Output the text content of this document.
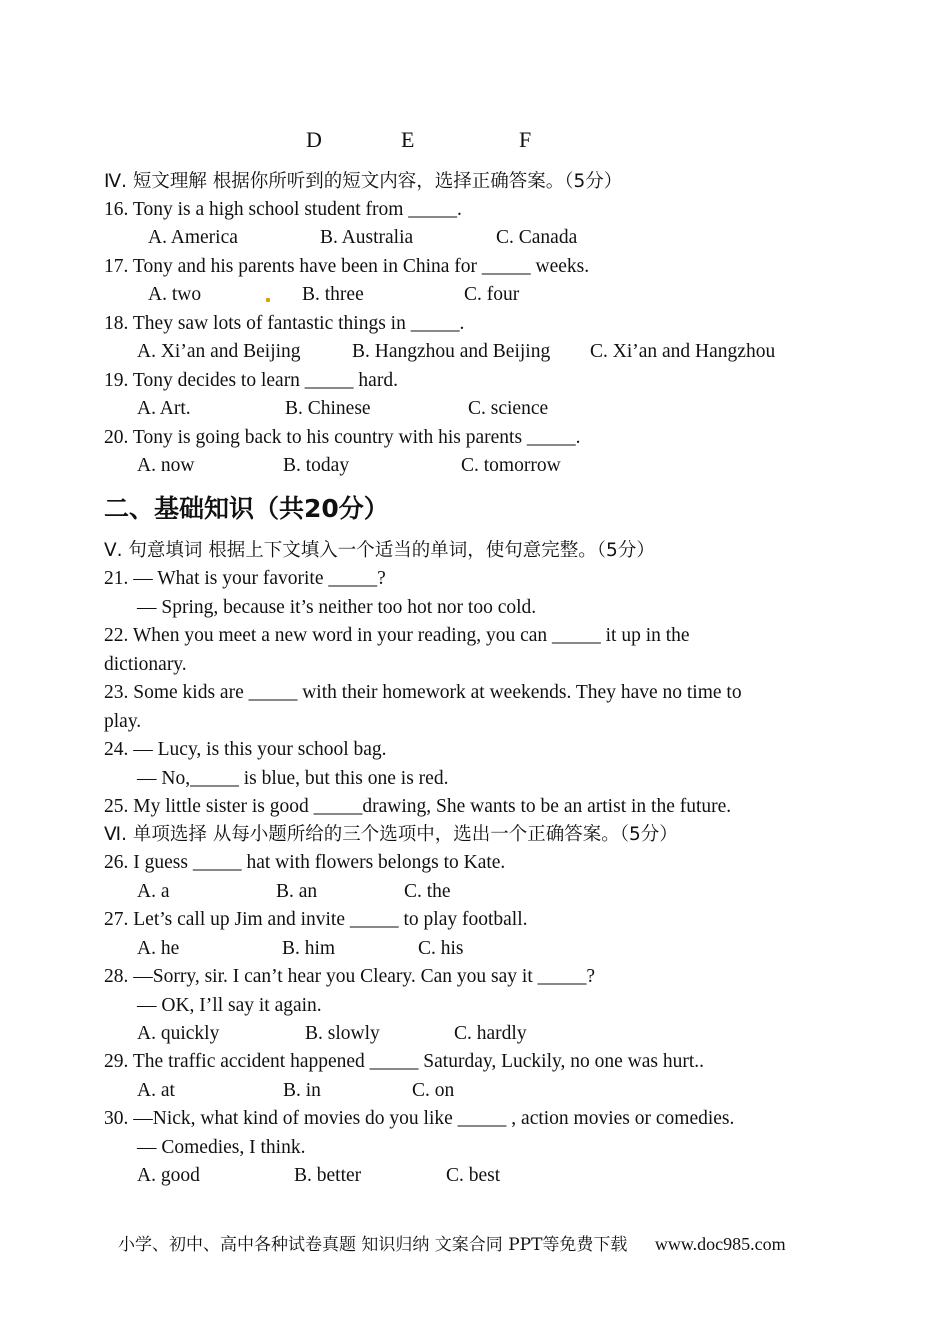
D	E	F
Ⅳ. 短文理解 根据你所听到的短文内容，选择正确答案。（5分）
16. Tony is a high school student from _____.
A. America	B. Australia	C. Canada
17. Tony and his parents have been in China for _____ weeks.
A. two	B. three	C. four
18. They saw lots of fantastic things in _____.
A. Xi’an and Beijing	B. Hangzhou and Beijing C. Xi’an and Hangzhou
19. Tony decides to learn _____ hard.
A. Art.	B. Chinese	C. science
20. Tony is going back to his country with his parents _____.
A. now	B. today	C. tomorrow
二、基础知识（共20分）
Ⅴ. 句意填词 根据上下文填入一个适当的单词，使句意完整。（5分）
21. — What is your favorite _____?
— Spring, because it’s neither too hot nor too cold.
22. When you meet a new word in your reading, you can _____ it up in the
dictionary.
23. Some kids are _____ with their homework at weekends. They have no time to
play.
24. — Lucy, is this your school bag.
— No,_____ is blue, but this one is red.
25. My little sister is good _____drawing, She wants to be an artist in the future.
Ⅵ. 单项选择 从每小题所给的三个选项中，选出一个正确答案。（5分）
26. I guess _____ hat with flowers belongs to Kate.
A. a	B. an	C. the
27. Let’s call up Jim and invite _____ to play football.
A. he	B. him	C. his
28. —Sorry, sir. I can’t hear you Cleary. Can you say it _____?
— OK, I’ll say it again.
A. quickly	B. slowly	C. hardly
29. The traffic accident happened _____ Saturday, Luckily, no one was hurt..
A. at	B. in	C. on
30. —Nick, what kind of movies do you like _____ , action movies or comedies.
— Comedies, I think.
A. good	B. better	C. best
小学、初中、高中各种试卷真题 知识归纳 文案合同 PPT等免费下载 www.doc985.com
